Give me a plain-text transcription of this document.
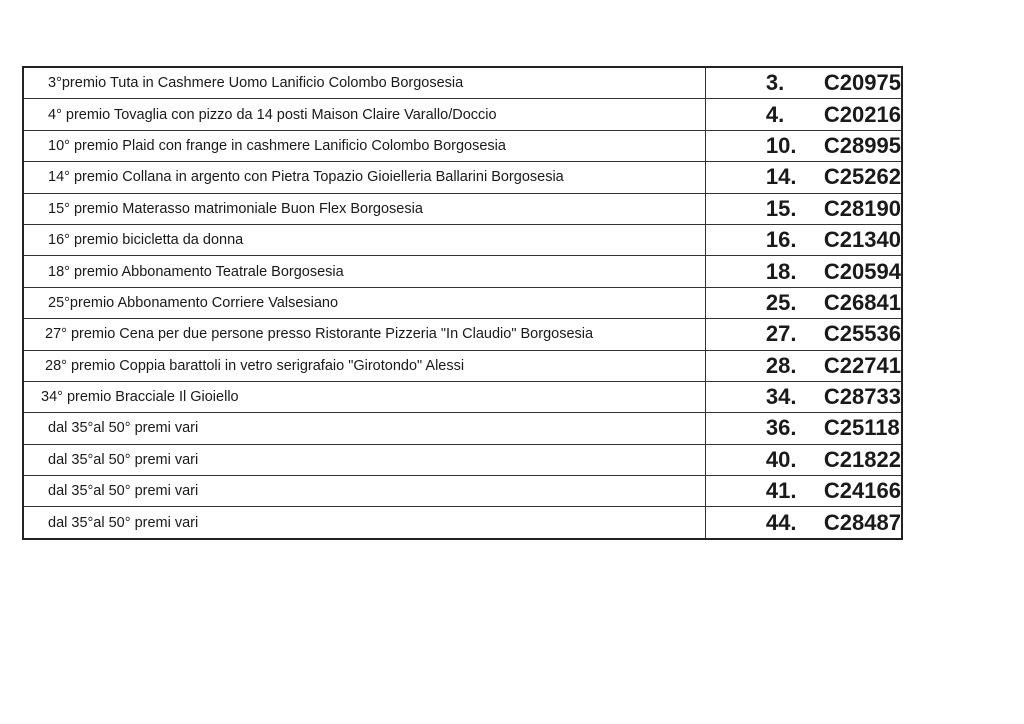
3°premio Tuta in Cashmere Uomo Lanificio Colombo Borgosesia	3. C20975
4° premio Tovaglia con pizzo da 14 posti Maison Claire Varallo/Doccio	4. C20216
10° premio Plaid con frange in cashmere Lanificio Colombo Borgosesia	10. C28995
14° premio Collana in argento con Pietra Topazio Gioielleria Ballarini Borgosesia	14. C25262
15° premio Materasso matrimoniale Buon Flex Borgosesia	15. C28190
16° premio bicicletta da donna	16. C21340
18° premio Abbonamento Teatrale Borgosesia	18. C20594
25°premio Abbonamento Corriere Valsesiano	25. C26841
27° premio Cena per due persone presso Ristorante Pizzeria "In Claudio" Borgosesia	27. C25536
28° premio Coppia barattoli in vetro serigrafaio "Girotondo" Alessi	28. C22741
34° premio Bracciale Il Gioiello	34. C28733
dal 35°al 50° premi vari	36. C25118
dal 35°al 50° premi vari	40. C21822
dal 35°al 50° premi vari	41. C24166
dal 35°al 50° premi vari	44. C28487
